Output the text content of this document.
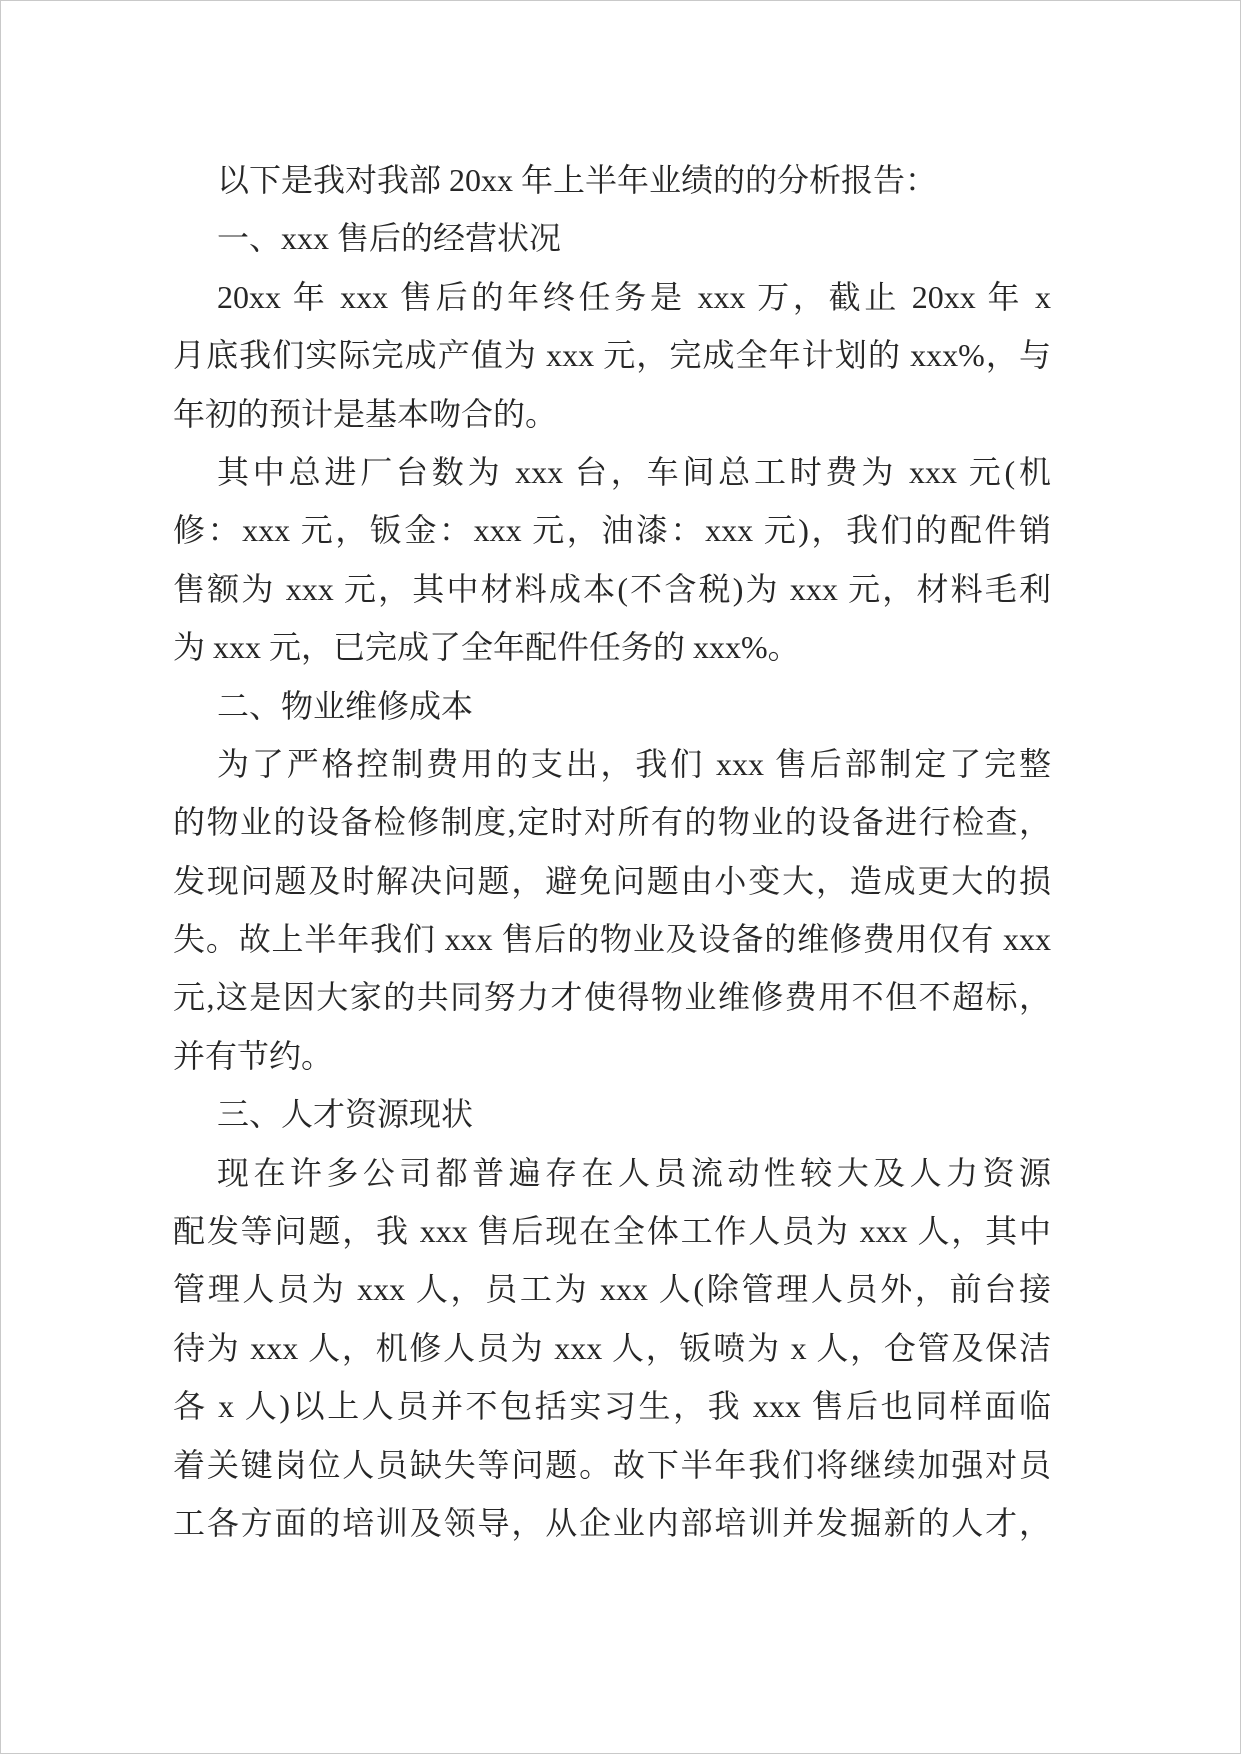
以下是我对我部 20xx 年上半年业绩的的分析报告：
一、xxx 售后的经营状况
20xx 年 xxx 售后的年终任务是 xxx 万，截止 20xx 年 x
月底我们实际完成产值为 xxx 元，完成全年计划的 xxx%，与
年初的预计是基本吻合的。
其中总进厂台数为 xxx 台，车间总工时费为 xxx 元(机
修：xxx 元，钣金：xxx 元，油漆：xxx 元)，我们的配件销
售额为 xxx 元，其中材料成本(不含税)为 xxx 元，材料毛利
为 xxx 元，已完成了全年配件任务的 xxx%。
二、物业维修成本
为了严格控制费用的支出，我们 xxx 售后部制定了完整
的物业的设备检修制度,定时对所有的物业的设备进行检查，
发现问题及时解决问题，避免问题由小变大，造成更大的损
失。故上半年我们 xxx 售后的物业及设备的维修费用仅有 xxx
元,这是因大家的共同努力才使得物业维修费用不但不超标，
并有节约。
三、人才资源现状
现在许多公司都普遍存在人员流动性较大及人力资源
配发等问题，我 xxx 售后现在全体工作人员为 xxx 人，其中
管理人员为 xxx 人，员工为 xxx 人(除管理人员外，前台接
待为 xxx 人，机修人员为 xxx 人，钣喷为 x 人，仓管及保洁
各 x 人)以上人员并不包括实习生，我 xxx 售后也同样面临
着关键岗位人员缺失等问题。故下半年我们将继续加强对员
工各方面的培训及领导，从企业内部培训并发掘新的人才，
